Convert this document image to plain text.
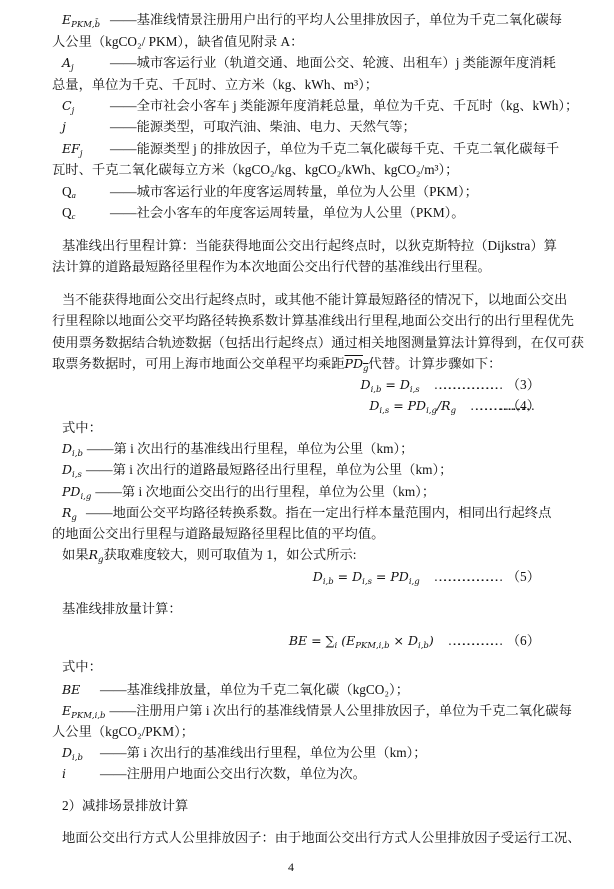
$E_{PKM,b̄}$ ——基准线情景注册用户出行的平均人公里排放因子，单位为千克二氧化碳每
人公里（kgCO₂/ PKM），缺省值见附录 A：
$A_j$	——城市客运行业（轨道交通、地面公交、轮渡、出租车）j 类能源年度消耗
总量，单位为千克、千瓦时、立方米（kg、kWh、m³）；
$C_j$	——全市社会小客车 j 类能源年度消耗总量，单位为千克、千瓦时（kg、kWh）；
j	——能源类型，可取汽油、柴油、电力、天然气等；
$EF_j$ ——能源类型 j 的排放因子，单位为千克二氧化碳每千克、千克二氧化碳每千
瓦时、千克二氧化碳每立方米（kgCO₂/kg、kgCO₂/kWh、kgCO₂/m³）；
$Q_a$	——城市客运行业的年度客运周转量，单位为人公里（PKM）；
$Q_c$	——社会小客车的年度客运周转量，单位为人公里（PKM）。
基准线出行里程计算：当能获得地面公交出行起终点时，以狄克斯特拉（Dijkstra）算
法计算的道路最短路径里程作为本次地面公交出行代替的基准线出行里程。
当不能获得地面公交出行起终点时，或其他不能计算最短路径的情况下，以地面公交出
行里程除以地面公交平均路径转换系数计算基准线出行里程,地面公交出行的出行里程优先
使用票务数据结合轨迹数据（包括出行起终点）通过相关地图测量算法计算得到，在仅可获
取票务数据时，可用上海市地面公交单程平均乘距$PD_g$代替。计算步骤如下：
$D_{i,b} = D_{i,s}$ ………………………………… （3）
$D_{i,s} = PD_{i,g}/R_g$ ………………………………...... （4）
式中：
$D_{i,b}$ ——第 i 次出行的基准线出行里程，单位为公里（km）；
$D_{i,s}$ ——第 i 次出行的道路最短路径出行里程，单位为公里（km）；
$PD_{i,g}$ ——第 i 次地面公交出行的出行里程，单位为公里（km）；
$R_g$ ——地面公交平均路径转换系数。指在一定出行样本量范围内，相同出行起终点
的地面公交出行里程与道路最短路径里程比值的平均值。
如果$R_g$获取难度较大，则可取值为 1，如公式所示:
$D_{i,b} = D_{i,s} = PD_{i,g}$ ………………………………… （5）
基准线排放量计算：
BE = $\sum_i$ $(E_{PKM,i,b} \times D_{i,b})$ ………………………… （6）
式中：
BE ——基准线排放量，单位为千克二氧化碳（kgCO₂）；
$E_{PKM,i,b}$ ——注册用户第 i 次出行的基准线情景人公里排放因子，单位为千克二氧化碳每
人公里（kgCO₂/PKM）；
$D_{i,b}$ ——第 i 次出行的基准线出行里程，单位为公里（km）；
i	——注册用户地面公交出行次数，单位为次。
2）减排场景排放计算
地面公交出行方式人公里排放因子：由于地面公交出行方式人公里排放因子受运行工况、
4
